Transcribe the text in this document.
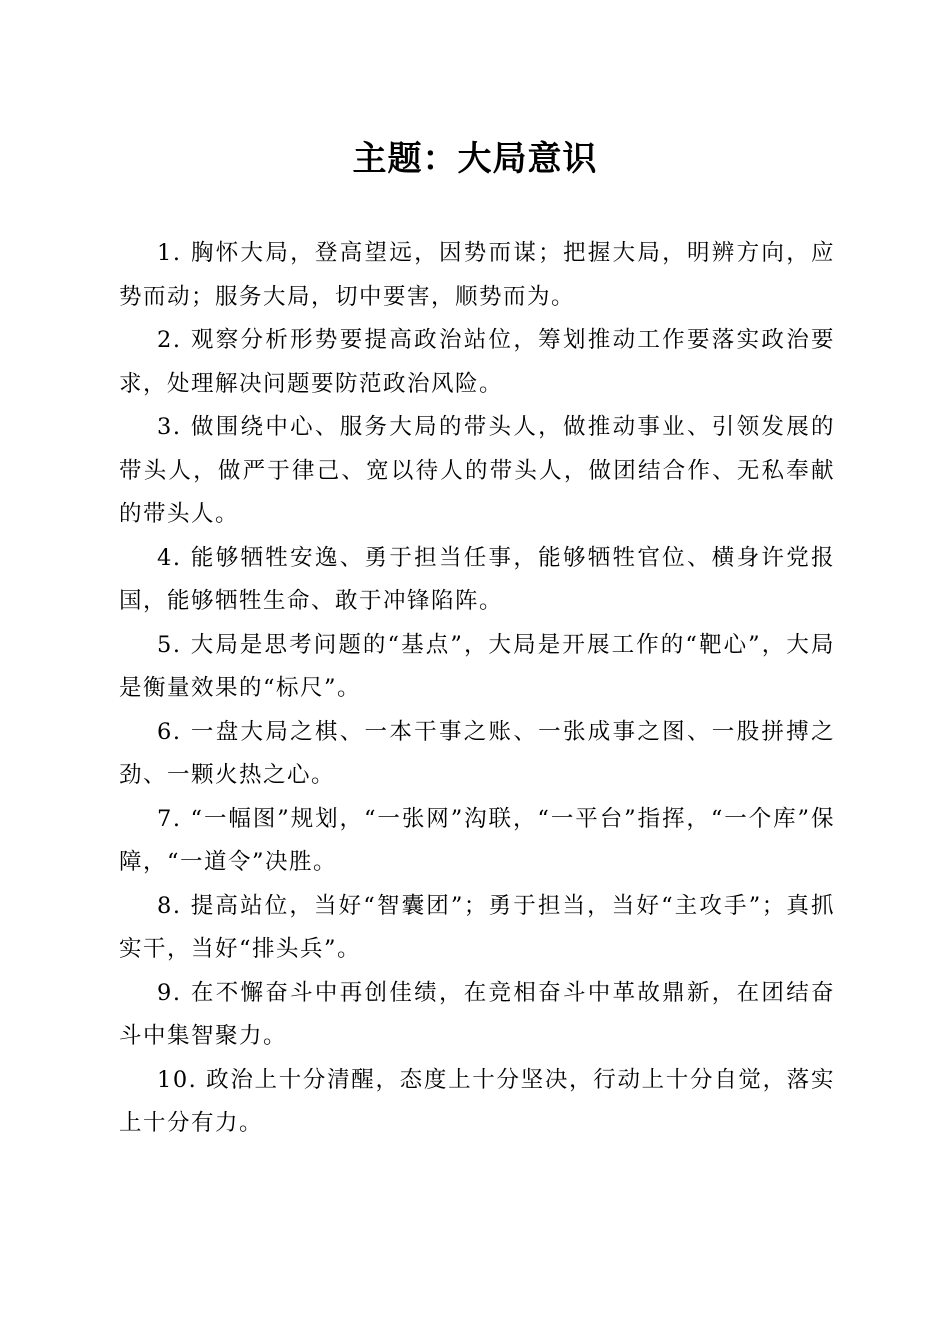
主题：大局意识

1. 胸怀大局，登高望远，因势而谋；把握大局，明辨方向，应势而动；服务大局，切中要害，顺势而为。

2. 观察分析形势要提高政治站位，筹划推动工作要落实政治要求，处理解决问题要防范政治风险。

3. 做围绕中心、服务大局的带头人，做推动事业、引领发展的带头人，做严于律己、宽以待人的带头人，做团结合作、无私奉献的带头人。

4. 能够牺牲安逸、勇于担当任事，能够牺牲官位、横身许党报国，能够牺牲生命、敢于冲锋陷阵。

5. 大局是思考问题的“基点”，大局是开展工作的“靶心”，大局是衡量效果的“标尺”。

6. 一盘大局之棋、一本干事之账、一张成事之图、一股拼搏之劲、一颗火热之心。

7. “一幅图”规划，“一张网”沟联，“一平台”指挥，“一个库”保障，“一道令”决胜。

8. 提高站位，当好“智囊团”；勇于担当，当好“主攻手”；真抓实干，当好“排头兵”。

9. 在不懈奋斗中再创佳绩，在竞相奋斗中革故鼎新，在团结奋斗中集智聚力。

10. 政治上十分清醒，态度上十分坚决，行动上十分自觉，落实上十分有力。
